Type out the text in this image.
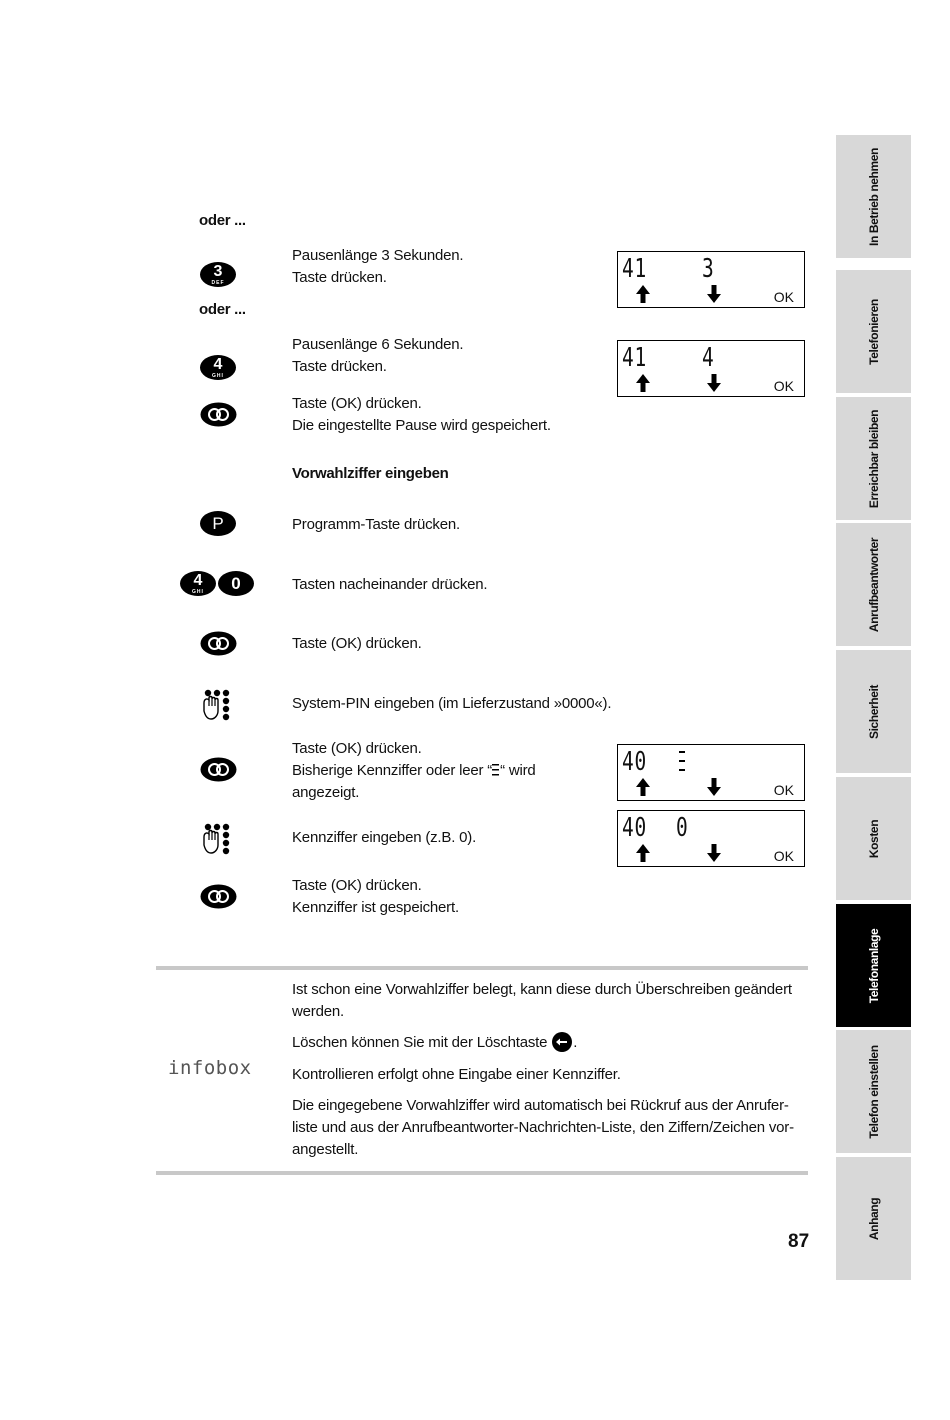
In Betrieb nehmen
Telefonieren
Erreichbar bleiben
Anrufbeantworter
Sicherheit
Kosten
Telefonanlage
Telefon einstellen
Anhang
oder ...
3
DEF
Pausenlänge 3 Sekunden.
Taste drücken.
oder ...
4
GHI
Pausenlänge 6 Sekunden.
Taste drücken.
Taste (OK) drücken.
Die eingestellte Pause wird gespeichert.
Vorwahlziffer eingeben
P	Programm-Taste drücken.
4
GHI	0	Tasten nacheinander drücken.
Taste (OK) drücken.
System-PIN eingeben (im Lieferzustand »0000«).
Taste (OK) drücken.
Bisherige Kennziffer oder leer “ “ wird
angezeigt.
Kennziffer eingeben (z.B. 0).
Taste (OK) drücken.
Kennziffer ist gespeichert.
41 3
OK
41 4
OK
40
OK
40 0
OK
infobox
Ist schon eine Vorwahlziffer belegt, kann diese durch Überschreiben geändert werden.
Löschen können Sie mit der Löschtaste .
Kontrollieren erfolgt ohne Eingabe einer Kennziffer.
Die eingegebene Vorwahlziffer wird automatisch bei Rückruf aus der Anruferliste und aus der Anrufbeantworter-Nachrichten-Liste, den Ziffern/Zeichen vorangestellt.
87
